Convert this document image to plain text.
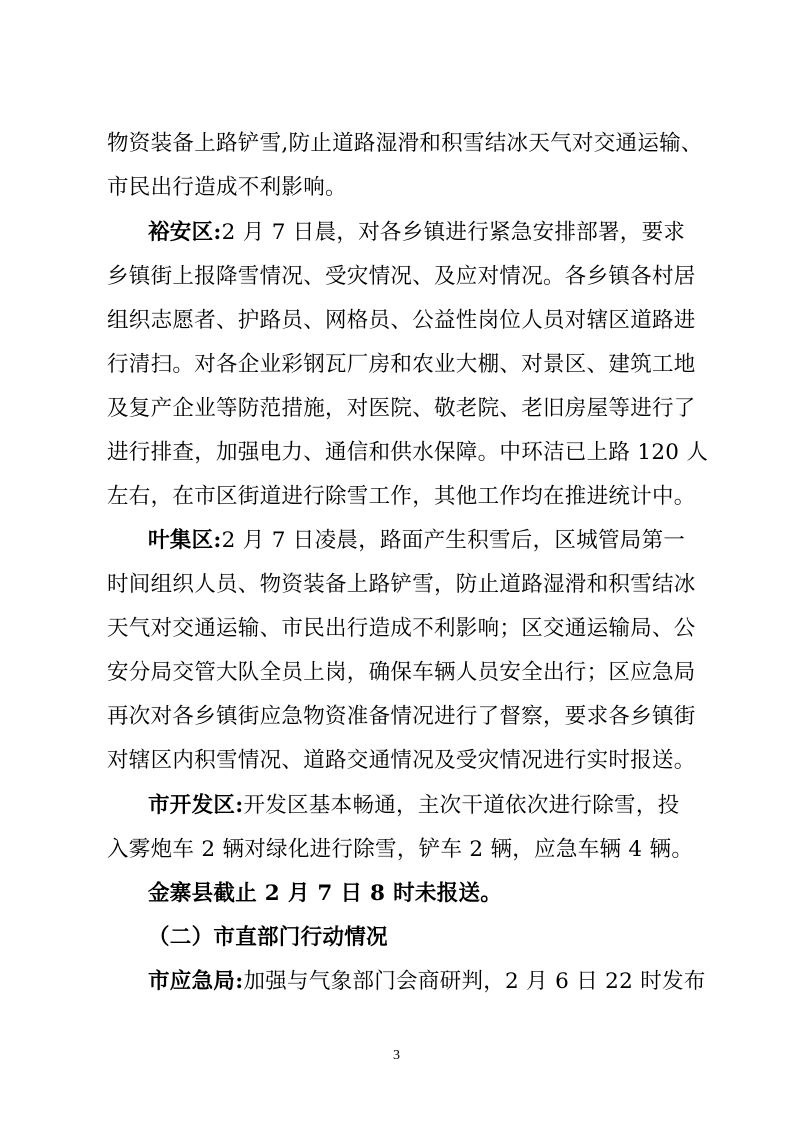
物资装备上路铲雪,防止道路湿滑和积雪结冰天气对交通运输、
市民出行造成不利影响。
裕安区:2 月 7 日晨，对各乡镇进行紧急安排部署，要求
乡镇街上报降雪情况、受灾情况、及应对情况。各乡镇各村居
组织志愿者、护路员、网格员、公益性岗位人员对辖区道路进
行清扫。对各企业彩钢瓦厂房和农业大棚、对景区、建筑工地
及复产企业等防范措施，对医院、敬老院、老旧房屋等进行了
进行排查，加强电力、通信和供水保障。中环洁已上路 120 人
左右，在市区街道进行除雪工作，其他工作均在推进统计中。
叶集区:2 月 7 日凌晨，路面产生积雪后，区城管局第一
时间组织人员、物资装备上路铲雪，防止道路湿滑和积雪结冰
天气对交通运输、市民出行造成不利影响；区交通运输局、公
安分局交管大队全员上岗，确保车辆人员安全出行；区应急局
再次对各乡镇街应急物资准备情况进行了督察，要求各乡镇街
对辖区内积雪情况、道路交通情况及受灾情况进行实时报送。
市开发区:开发区基本畅通，主次干道依次进行除雪，投
入雾炮车 2 辆对绿化进行除雪，铲车 2 辆，应急车辆 4 辆。
金寨县截止 2 月 7 日 8 时未报送。
（二）市直部门行动情况
市应急局:加强与气象部门会商研判，2 月 6 日 22 时发布
3
